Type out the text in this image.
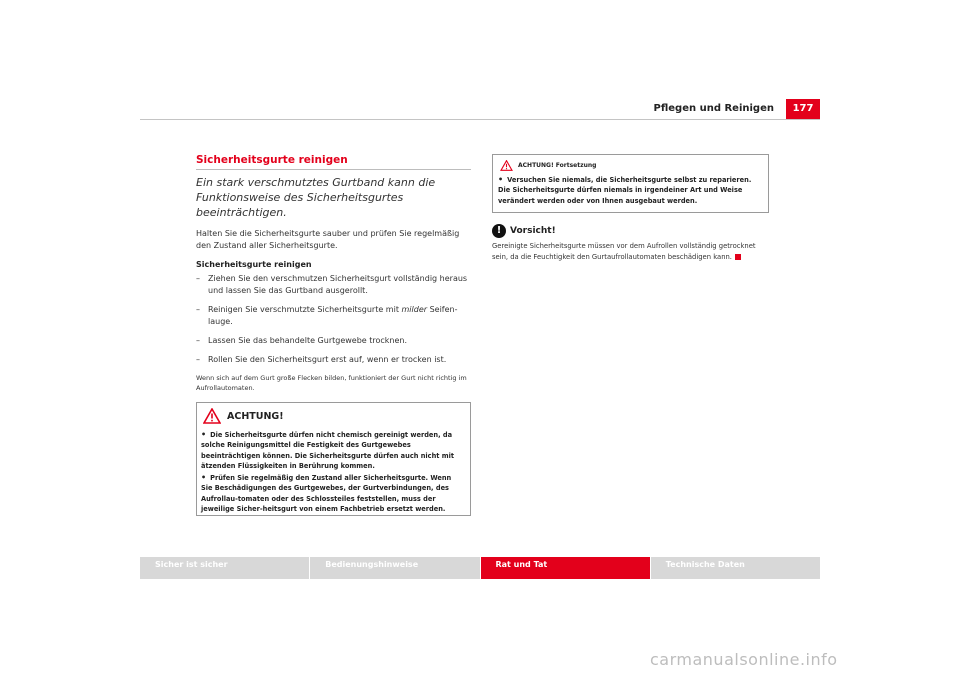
Pflegen und Reinigen	177
Sicherheitsgurte reinigen

Ein stark verschmutztes Gurtband kann die Funktionsweise des Sicherheitsgurtes beeinträchtigen.

Halten Sie die Sicherheitsgurte sauber und prüfen Sie regelmäßig den Zustand aller Sicherheitsgurte.

Sicherheitsgurte reinigen
– Ziehen Sie den verschmutzen Sicherheitsgurt vollständig heraus und lassen Sie das Gurtband ausgerollt.
– Reinigen Sie verschmutzte Sicherheitsgurte mit milder Seifen-lauge.
– Lassen Sie das behandelte Gurtgewebe trocknen.
– Rollen Sie den Sicherheitsgurt erst auf, wenn er trocken ist.

Wenn sich auf dem Gurt große Flecken bilden, funktioniert der Gurt nicht richtig im Aufrollautomaten.

ACHTUNG!
• Die Sicherheitsgurte dürfen nicht chemisch gereinigt werden, da solche Reinigungsmittel die Festigkeit des Gurtgewebes beeinträchtigen können. Die Sicherheitsgurte dürfen auch nicht mit ätzenden Flüssigkeiten in Berührung kommen.
• Prüfen Sie regelmäßig den Zustand aller Sicherheitsgurte. Wenn Sie Beschädigungen des Gurtgewebes, der Gurtverbindungen, des Aufrollau-tomaten oder des Schlossteiles feststellen, muss der jeweilige Sicher-heitsgurt von einem Fachbetrieb ersetzt werden.
ACHTUNG! Fortsetzung
• Versuchen Sie niemals, die Sicherheitsgurte selbst zu reparieren. Die Sicherheitsgurte dürfen niemals in irgendeiner Art und Weise verändert werden oder von Ihnen ausgebaut werden.
! Vorsicht!

Gereinigte Sicherheitsgurte müssen vor dem Aufrollen vollständig getrocknet sein, da die Feuchtigkeit den Gurtaufrollautomaten beschädigen kann.

Sicher ist sicher	Bedienungshinweise	Rat und Tat	Technische Daten
carmanualsonline.info
